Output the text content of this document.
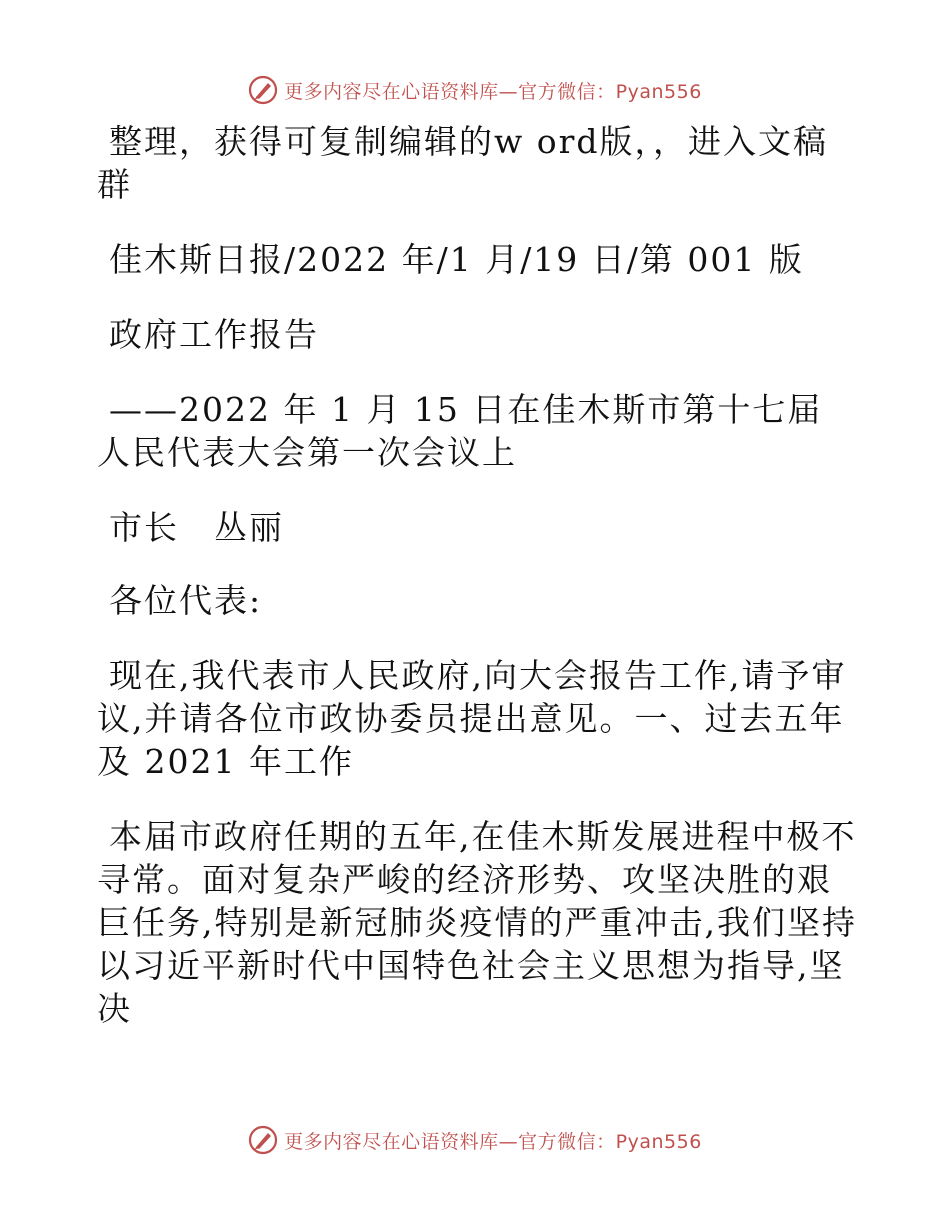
更多内容尽在心语资料库—官方微信：Pyan556

整理，获得可复制编辑的w ord版，，进入文稿群

佳木斯日报/2022 年/1 月/19 日/第 001 版

政府工作报告

——2022 年 1 月 15 日在佳木斯市第十七届人民代表大会第一次会议上

市长　丛丽

各位代表:

现在,我代表市人民政府,向大会报告工作,请予审议,并请各位市政协委员提出意见。一、过去五年及 2021 年工作

本届市政府任期的五年,在佳木斯发展进程中极不寻常。面对复杂严峻的经济形势、攻坚决胜的艰巨任务,特别是新冠肺炎疫情的严重冲击,我们坚持以习近平新时代中国特色社会主义思想为指导,坚决

更多内容尽在心语资料库—官方微信：Pyan556
